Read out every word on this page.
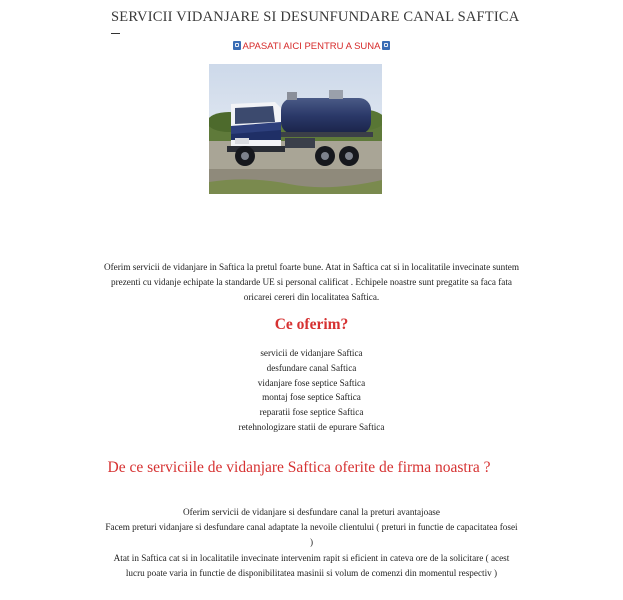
SERVICII VIDANJARE SI DESUNFUNDARE CANAL SAFTICA
APASATI AICI PENTRU A SUNA

Oferim servicii de vidanjare in Saftica la pretul foarte bune. Atat in Saftica cat si in localitatile invecinate suntem prezenti cu vidanje echipate la standarde UE si personal calificat . Echipele noastre sunt pregatite sa faca fata oricarei cereri din localitatea Saftica.

Ce oferim?
servicii de vidanjare Saftica
desfundare canal Saftica
vidanjare fose septice Saftica
montaj fose septice Saftica
reparatii fose septice Saftica
retehnologizare statii de epurare Saftica
De ce serviciile de vidanjare Saftica oferite de firma noastra ?

Oferim servicii de vidanjare si desfundare canal la preturi avantajoase
Facem preturi vidanjare si desfundare canal adaptate la nevoile clientului ( preturi in functie de capacitatea fosei )
Atat in Saftica cat si in localitatile invecinate intervenim rapit si eficient in cateva ore de la solicitare ( acest lucru poate varia in functie de disponibilitatea masinii si volum de comenzi din momentul respectiv )
